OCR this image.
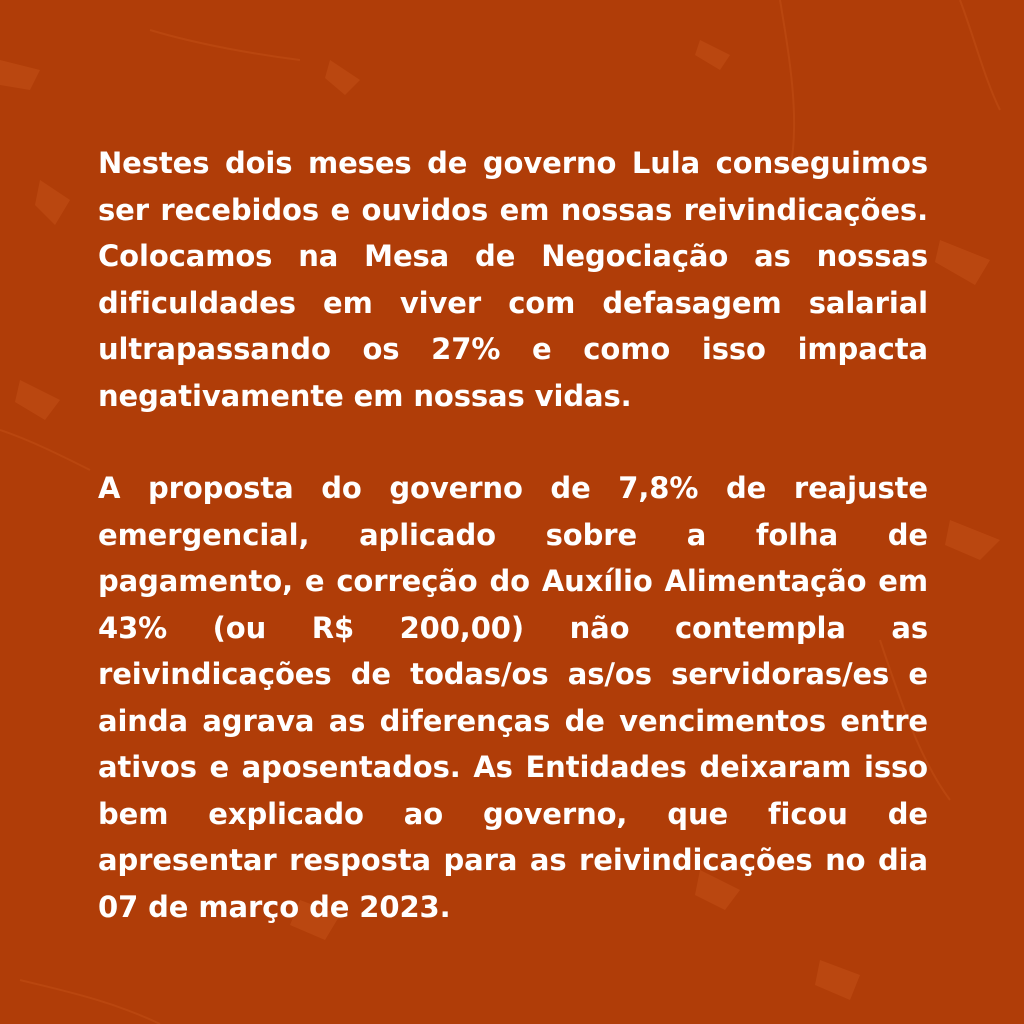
Nestes dois meses de governo Lula conseguimos ser recebidos e ouvidos em nossas reivindicações. Colocamos na Mesa de Negociação as nossas dificuldades em viver com defasagem salarial ultrapassando os 27% e como isso impacta negativamente em nossas vidas.

A proposta do governo de 7,8% de reajuste emergencial, aplicado sobre a folha de pagamento, e correção do Auxílio Alimentação em 43% (ou R$ 200,00) não contempla as reivindicações de todas/os as/os servidoras/es e ainda agrava as diferenças de vencimentos entre ativos e aposentados. As Entidades deixaram isso bem explicado ao governo, que ficou de apresentar resposta para as reivindicações no dia 07 de março de 2023.
